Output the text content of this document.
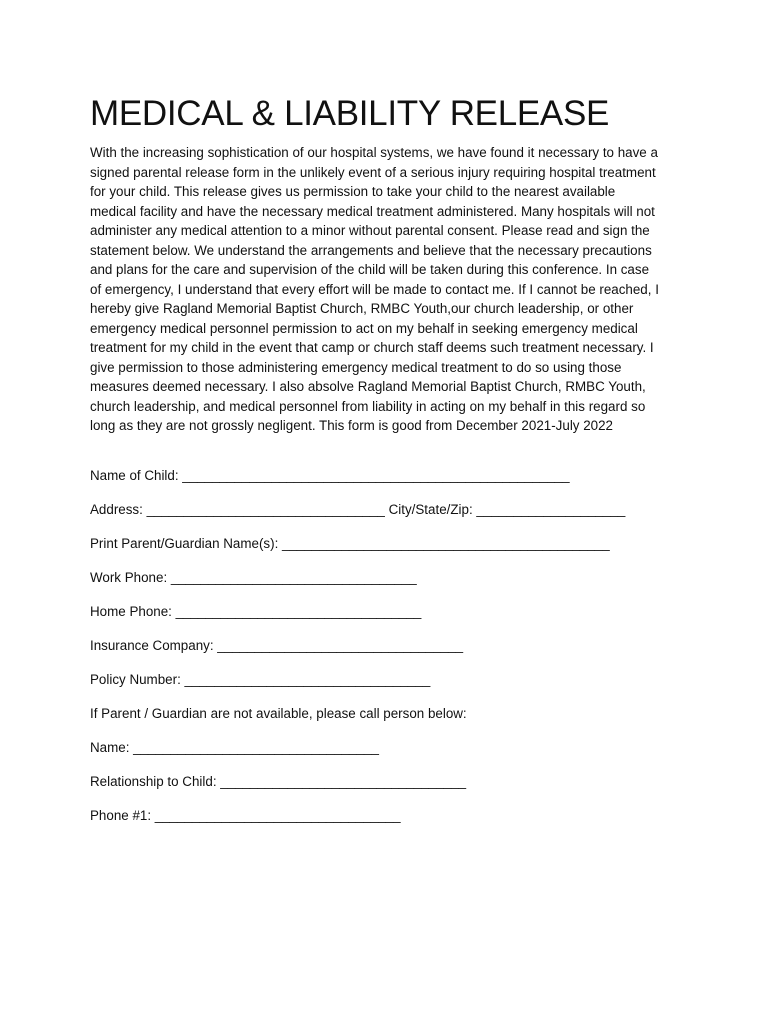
MEDICAL & LIABILITY RELEASE
With the increasing sophistication of our hospital systems, we have found it necessary to have a
signed parental release form in the unlikely event of a serious injury requiring hospital treatment
for your child. This release gives us permission to take your child to the nearest available
medical facility and have the necessary medical treatment administered. Many hospitals will not
administer any medical attention to a minor without parental consent. Please read and sign the
statement below. We understand the arrangements and believe that the necessary precautions
and plans for the care and supervision of the child will be taken during this conference. In case
of emergency, I understand that every effort will be made to contact me. If I cannot be reached, I
hereby give Ragland Memorial Baptist Church, RMBC Youth,our church leadership, or other
emergency medical personnel permission to act on my behalf in seeking emergency medical
treatment for my child in the event that camp or church staff deems such treatment necessary. I
give permission to those administering emergency medical treatment to do so using those
measures deemed necessary. I also absolve Ragland Memorial Baptist Church, RMBC Youth,
church leadership, and medical personnel from liability in acting on my behalf in this regard so
long as they are not grossly negligent. This form is good from December 2021-July 2022
Name of Child: ____________________________________________________
Address: ________________________________ City/State/Zip: ____________________
Print Parent/Guardian Name(s): ____________________________________________
Work Phone: _________________________________
Home Phone: _________________________________
Insurance Company: _________________________________
Policy Number: _________________________________
If Parent / Guardian are not available, please call person below:
Name: _________________________________
Relationship to Child: _________________________________
Phone #1: _________________________________
